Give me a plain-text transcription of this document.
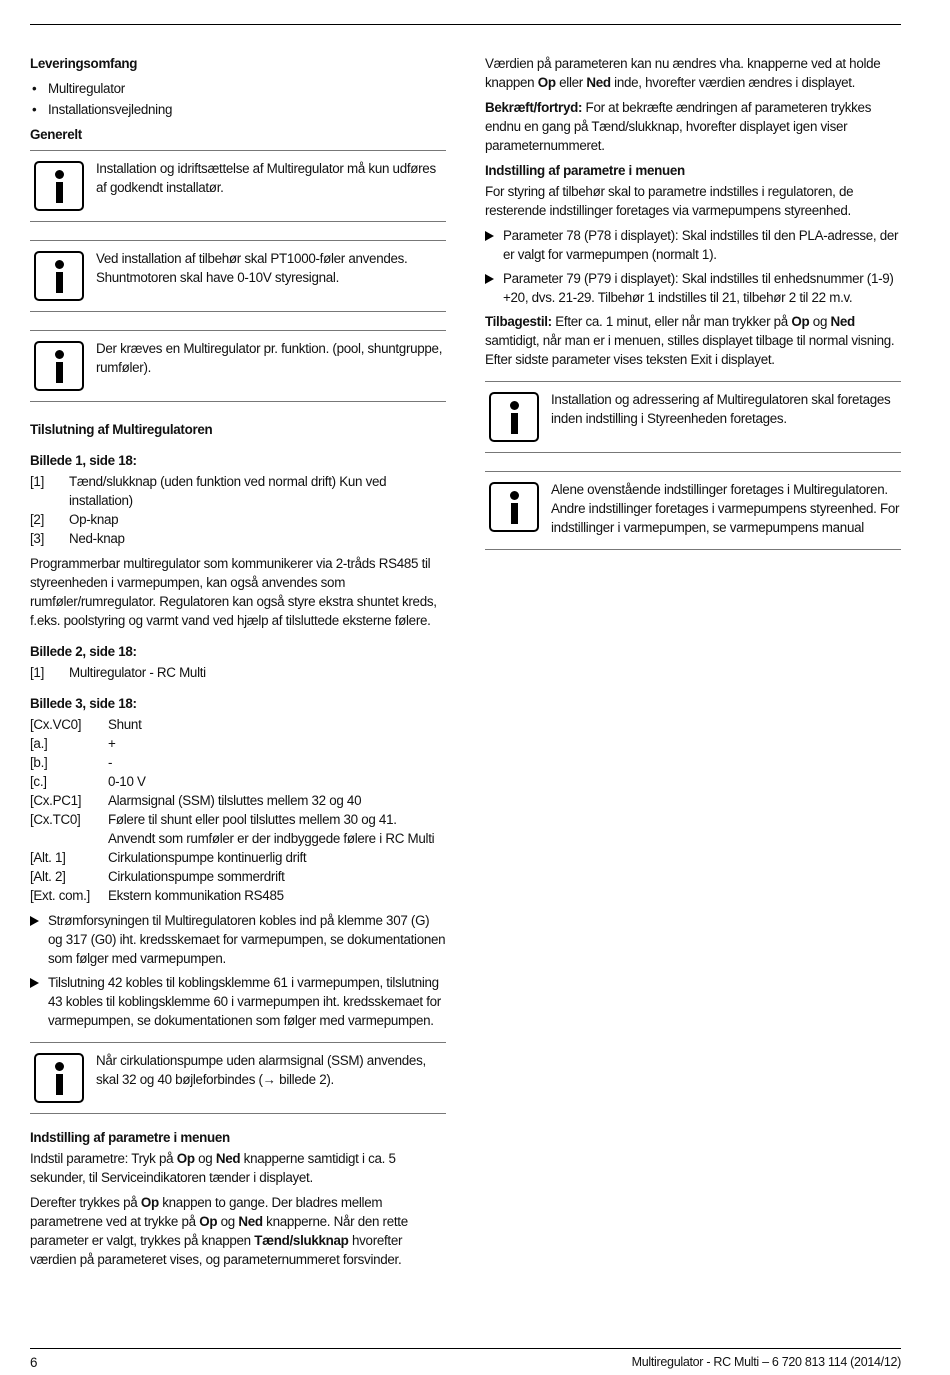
Leveringsomfang
• Multiregulator
• Installationsvejledning
Generelt
Installation og idriftsættelse af Multiregulator må kun udføres af godkendt installatør.
Ved installation af tilbehør skal PT1000-føler anvendes. Shuntmotoren skal have 0-10V styresignal.
Der kræves en Multiregulator pr. funktion. (pool, shuntgruppe, rumføler).
Tilslutning af Multiregulatoren
Billede 1, side 18:
[1]	Tænd/slukknap (uden funktion ved normal drift) Kun ved installation)
[2]	Op-knap
[3]	Ned-knap
Programmerbar multiregulator som kommunikerer via 2-tråds RS485 til styreenheden i varmepumpen, kan også anvendes som rumføler/rumregulator. Regulatoren kan også styre ekstra shuntet kreds, f.eks. poolstyring og varmt vand ved hjælp af tilsluttede eksterne følere.
Billede 2, side 18:
[1]	Multiregulator - RC Multi
Billede 3, side 18:
[Cx.VC0]	Shunt
[a.]	+
[b.]	-
[c.]	0-10 V
[Cx.PC1]	Alarmsignal (SSM) tilsluttes mellem 32 og 40
[Cx.TC0]	Følere til shunt eller pool tilsluttes mellem 30 og 41. Anvendt som rumføler er der indbyggede følere i RC Multi
[Alt. 1]	Cirkulationspumpe kontinuerlig drift
[Alt. 2]	Cirkulationspumpe sommerdrift
[Ext. com.]	Ekstern kommunikation RS485
Strømforsyningen til Multiregulatoren kobles ind på klemme 307 (G) og 317 (G0) iht. kredsskemaet for varmepumpen, se dokumentationen som følger med varmepumpen.
Tilslutning 42 kobles til koblingsklemme 61 i varmepumpen, tilslutning 43 kobles til koblingsklemme 60 i varmepumpen iht. kredsskemaet for varmepumpen, se dokumentationen som følger med varmepumpen.
Når cirkulationspumpe uden alarmsignal (SSM) anvendes, skal 32 og 40 bøjleforbindes (→ billede 2).
Indstilling af parametre i menuen
Indstil parametre: Tryk på Op og Ned knapperne samtidigt i ca. 5 sekunder, til Serviceindikatoren tænder i displayet.
Derefter trykkes på Op knappen to gange. Der bladres mellem parametrene ved at trykke på Op og Ned knapperne. Når den rette parameter er valgt, trykkes på knappen Tænd/slukknap hvorefter værdien på parameteret vises, og parameternummeret forsvinder.
Værdien på parameteren kan nu ændres vha. knapperne ved at holde knappen Op eller Ned inde, hvorefter værdien ændres i displayet.
Bekræft/fortryd: For at bekræfte ændringen af parameteren trykkes endnu en gang på Tænd/slukknap, hvorefter displayet igen viser parameternummeret.
Indstilling af parametre i menuen
For styring af tilbehør skal to parametre indstilles i regulatoren, de resterende indstillinger foretages via varmepumpens styreenhed.
Parameter 78 (P78 i displayet): Skal indstilles til den PLA-adresse, der er valgt for varmepumpen (normalt 1).
Parameter 79 (P79 i displayet): Skal indstilles til enhedsnummer (1-9) +20, dvs. 21-29. Tilbehør 1 indstilles til 21, tilbehør 2 til 22 m.v.
Tilbagestil: Efter ca. 1 minut, eller når man trykker på Op og Ned samtidigt, når man er i menuen, stilles displayet tilbage til normal visning. Efter sidste parameter vises teksten Exit i displayet.
Installation og adressering af Multiregulatoren skal foretages inden indstilling i Styreenheden foretages.
Alene ovenstående indstillinger foretages i Multiregulatoren. Andre indstillinger foretages i varmepumpens styreenhed. For indstillinger i varmepumpen, se varmepumpens manual
6	Multiregulator - RC Multi – 6 720 813 114 (2014/12)
